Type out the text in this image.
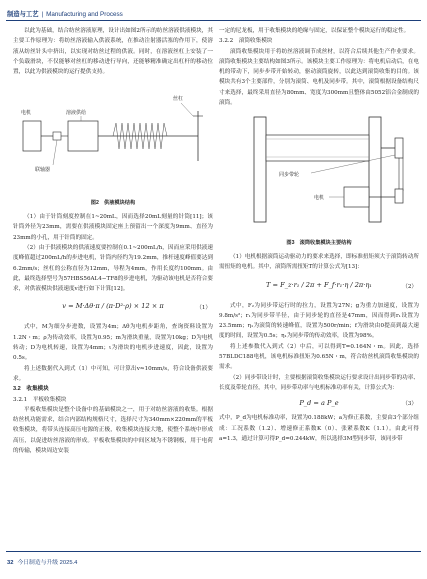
制造与工艺 | Manufacturing and Process

以此为基础，结合纺丝溶液原理，设计出如图2所示的纺丝溶液供液模块，其主要工作原理为：将纺丝溶液输入供液系统，在推动注射器活塞的作用下，使溶液从纺丝针头中挤出，以实现对纺丝过程的供液。同时，在溶液丝杠上安装了一个负载滑块，不仅能够对丝杠的移动进行导向，还能够精准确定出杠杆的移动位置，以此为供液模块的运行提供支持。

电机
联轴器
溶液供给
丝杠
图2　供液模块结构

（1）由于针筒刻度控制在1~20mL，因而选择20mL刻量的针筒[11]；该针筒外径为23mm，需要在供液模块固定座上预留出一个深度为9mm、直径为23mm的小孔，用于针筒的固定。

（2）由于供液模块的供液速度要控制在0.1~200mL/h，因而应采用供液速度峰值超过200mL/h的步进电机，针筒内径约为19.2mm，推杆速度峰值要达到6.2mm/s；丝杠的公称直径为12mm，导程为4mm，作用长度约100mm。由此，最终选择型号为57HBS56AL4−TF8的步进电机，为驱动该电机是否符合要求，对供液模块供液速度v进行如下计算[12]。

v = M·Δθ·π / (π·D²·ρ) × 12 × π	（1）

式中，M为细分步进数，设置为4m；Δθ为电机步距角，查询资料设置为1.2N・m；ρ为传动效率，设置为0.95；m为滑块重量，设置为10kg；D为电机转动；D为电机转速，设置为4mm；ι为滑块的电机步进速度，因此，设置为0.5s。

将上述数据代入到式（1）中可知，可计算出v≈10mm/s，符合设备供液要求。

3.2　收集模块

3.2.1　平板收集模块

平板收集模块是整个设备中的基础模块之一，用于对纺丝溶液的收集。根据纺丝机功能需求，结合内部结构规格尺寸，选择尺寸为340mm×220mm的平板收集模块，将带头连接高压电源的正极，收集模块连接大地，使整个系统中形成高压，以促进纺丝溶液的形成。平板收集模块的中间区域为不锈钢板，用于电荷的传输，模块周边安装

一定的尼龙板，用于收集模块的绝缘与固定，以保证整个模块运行的稳定性。

3.2.2　滚筒收集模块

滚筒收集模块用于将纺丝溶液调节成丝材，以符合后续其他生产作业要求。滚筒收集模块主要结构如图3所示。该模块主要工作原理为：将电机启动后，在电机的带动下，同步步带开始转动，驱动滚筒旋转，以此达到滚筒收集的目的。该模块共有3个主要部件，分别为滚筒、电机及同步带。其中，滚筒根据设备结构尺寸来选择，最终采用直径为80mm、宽度为300mm且整体由5052铝合金制成的滚筒。

同步带轮
电机
图3　滚筒收集模块主要结构

（1）电机根据滚筒运动驱动力的要求来选择，即标准扭矩须大于滚筒转动所需扭矩的电机。其中，滚筒所需扭矩T的计算公式为[13]：

T = F_z·r₁ / 2π + F_f·r₁·η / 2π·η₁	（2）

式中，F₂为同步带运行时的拉力，设置为27N；g为重力加速度，设置为9.8m/s²；r₁为同步带半径，由于同步轮的直径是47mm，因而得到r₁设置为23.5mm；η₁为滚筒的转速峰值，设置为500r/min；f为滑块由0提高到最大速度的时间，设置为0.5s；η₁为同步带的传动效率，设置为98%。

将上述参数代入到式（2）中后，可以得到T=0.164N・m。因此，选择57BLDC188电机，该电机标准扭矩为0.65N・m，符合纺丝机滚筒收集模块的需求。

（2）同步带设计时，主要根据滚筒收集模块运行要求设计出同步带的功率、长度及带轮直径，其中，同步带功率与电机标准功率有关，计算公式为：

P_d = a P_e	（3）

式中，P_d为电机标准功率，设置为0.188kW；a为修正系数，主要由3个部分组成：工况系数（1.2）、增速修正系数K（0）、张紧系数K（1.1）。由此可得a=1.3，通过计算可得P_d=0.244kW，所以选择3M型同步带，该同步带

32 今日制造与升级 2025.4
